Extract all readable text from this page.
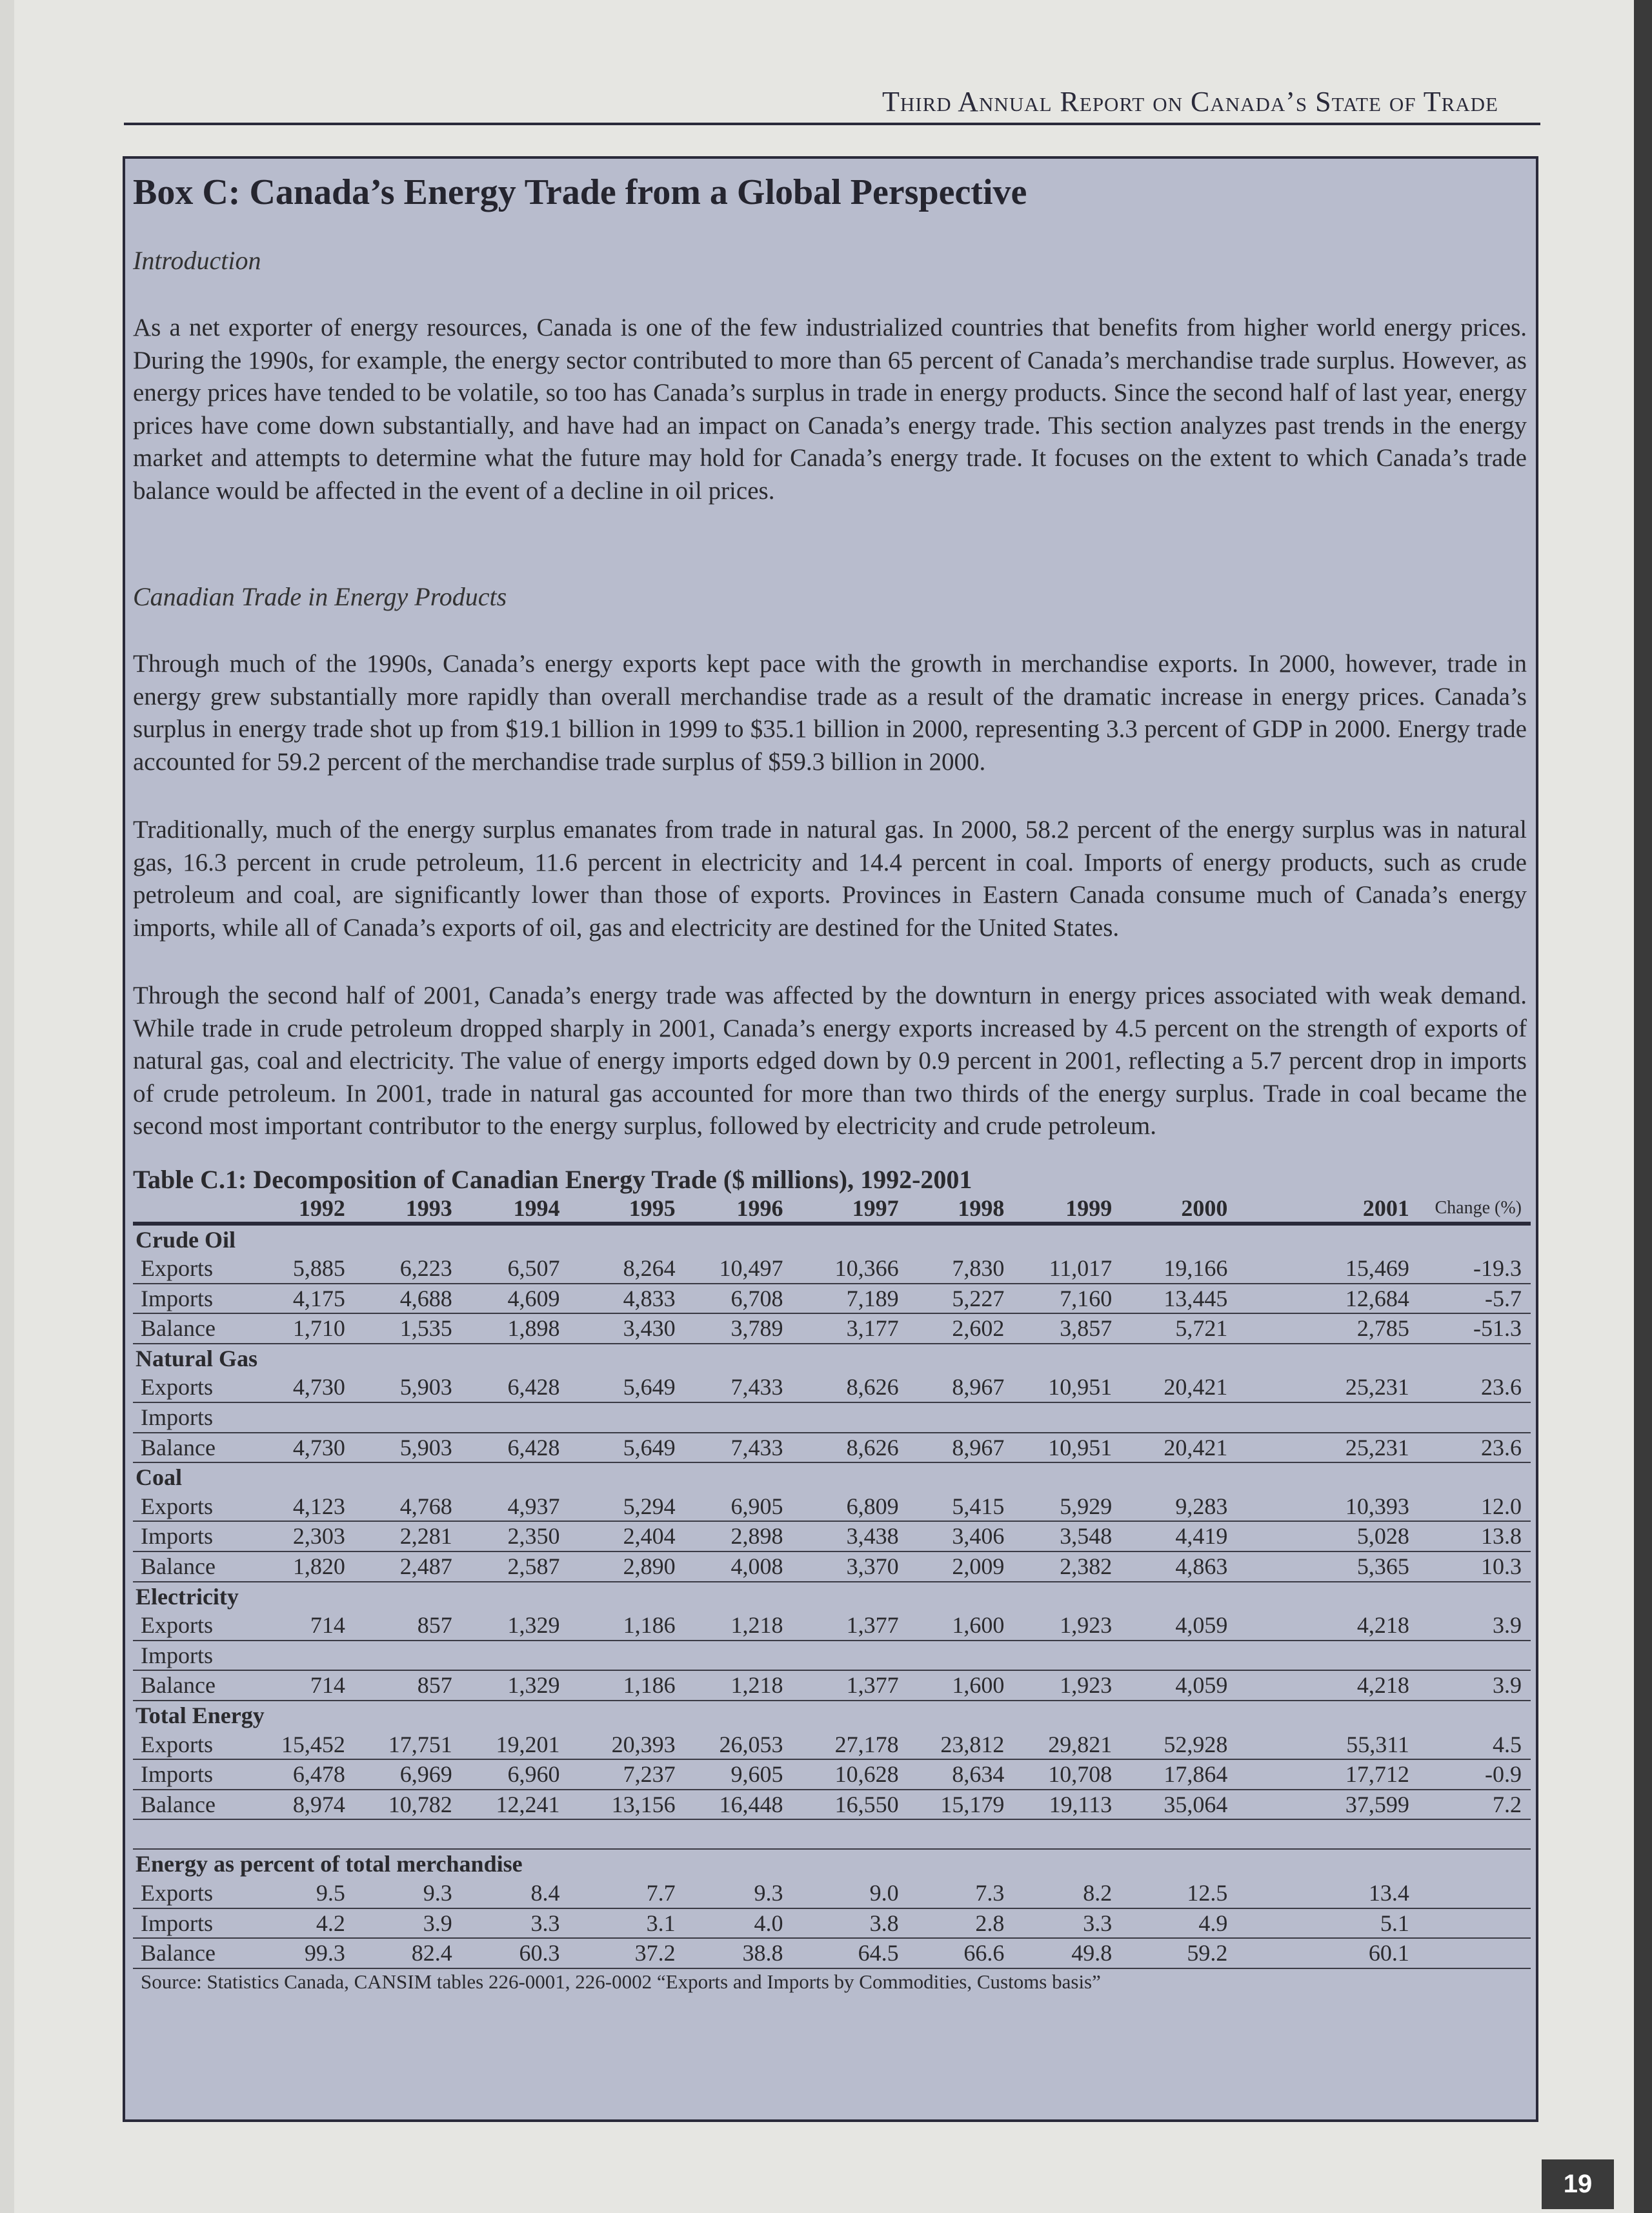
Third Annual Report on Canada’s State of Trade
Box C: Canada’s Energy Trade from a Global Perspective
Introduction

As a net exporter of energy resources, Canada is one of the few industrialized countries that benefits from higher world energy prices. During the 1990s, for example, the energy sector contributed to more than 65 percent of Canada’s merchandise trade surplus. However, as energy prices have tended to be volatile, so too has Canada’s surplus in trade in energy products. Since the second half of last year, energy prices have come down substantially, and have had an impact on Canada’s energy trade. This section analyzes past trends in the energy market and attempts to determine what the future may hold for Canada’s energy trade. It focuses on the extent to which Canada’s trade balance would be affected in the event of a decline in oil prices.

Canadian Trade in Energy Products

Through much of the 1990s, Canada’s energy exports kept pace with the growth in merchandise exports. In 2000, however, trade in energy grew substantially more rapidly than overall merchandise trade as a result of the dramatic increase in energy prices. Canada’s surplus in energy trade shot up from $19.1 billion in 1999 to $35.1 billion in 2000, representing 3.3 percent of GDP in 2000. Energy trade accounted for 59.2 percent of the merchandise trade surplus of $59.3 billion in 2000.

Traditionally, much of the energy surplus emanates from trade in natural gas. In 2000, 58.2 percent of the energy surplus was in natural gas, 16.3 percent in crude petroleum, 11.6 percent in electricity and 14.4 percent in coal. Imports of energy products, such as crude petroleum and coal, are significantly lower than those of exports. Provinces in Eastern Canada consume much of Canada’s energy imports, while all of Canada’s exports of oil, gas and electricity are destined for the United States.

Through the second half of 2001, Canada’s energy trade was affected by the downturn in energy prices associated with weak demand. While trade in crude petroleum dropped sharply in 2001, Canada’s energy exports increased by 4.5 percent on the strength of exports of natural gas, coal and electricity. The value of energy imports edged down by 0.9 percent in 2001, reflecting a 5.7 percent drop in imports of crude petroleum. In 2001, trade in natural gas accounted for more than two thirds of the energy surplus. Trade in coal became the second most important contributor to the energy surplus, followed by electricity and crude petroleum.

Table C.1: Decomposition of Canadian Energy Trade ($ millions), 1992-2001
	1992	1993	1994	1995	1996	1997	1998	1999	2000	2001	Change (%)
Crude Oil											
Exports	5,885	6,223	6,507	8,264	10,497	10,366	7,830	11,017	19,166	15,469	-19.3
Imports	4,175	4,688	4,609	4,833	6,708	7,189	5,227	7,160	13,445	12,684	-5.7
Balance	1,710	1,535	1,898	3,430	3,789	3,177	2,602	3,857	5,721	2,785	-51.3
Natural Gas											
Exports	4,730	5,903	6,428	5,649	7,433	8,626	8,967	10,951	20,421	25,231	23.6
Imports											
Balance	4,730	5,903	6,428	5,649	7,433	8,626	8,967	10,951	20,421	25,231	23.6
Coal											
Exports	4,123	4,768	4,937	5,294	6,905	6,809	5,415	5,929	9,283	10,393	12.0
Imports	2,303	2,281	2,350	2,404	2,898	3,438	3,406	3,548	4,419	5,028	13.8
Balance	1,820	2,487	2,587	2,890	4,008	3,370	2,009	2,382	4,863	5,365	10.3
Electricity											
Exports	714	857	1,329	1,186	1,218	1,377	1,600	1,923	4,059	4,218	3.9
Imports											
Balance	714	857	1,329	1,186	1,218	1,377	1,600	1,923	4,059	4,218	3.9
Total Energy											
Exports	15,452	17,751	19,201	20,393	26,053	27,178	23,812	29,821	52,928	55,311	4.5
Imports	6,478	6,969	6,960	7,237	9,605	10,628	8,634	10,708	17,864	17,712	-0.9
Balance	8,974	10,782	12,241	13,156	16,448	16,550	15,179	19,113	35,064	37,599	7.2

Energy as percent of total merchandise											
Exports	9.5	9.3	8.4	7.7	9.3	9.0	7.3	8.2	12.5	13.4	
Imports	4.2	3.9	3.3	3.1	4.0	3.8	2.8	3.3	4.9	5.1	
Balance	99.3	82.4	60.3	37.2	38.8	64.5	66.6	49.8	59.2	60.1	
Source: Statistics Canada, CANSIM tables 226-0001, 226-0002 “Exports and Imports by Commodities, Customs basis”
19
